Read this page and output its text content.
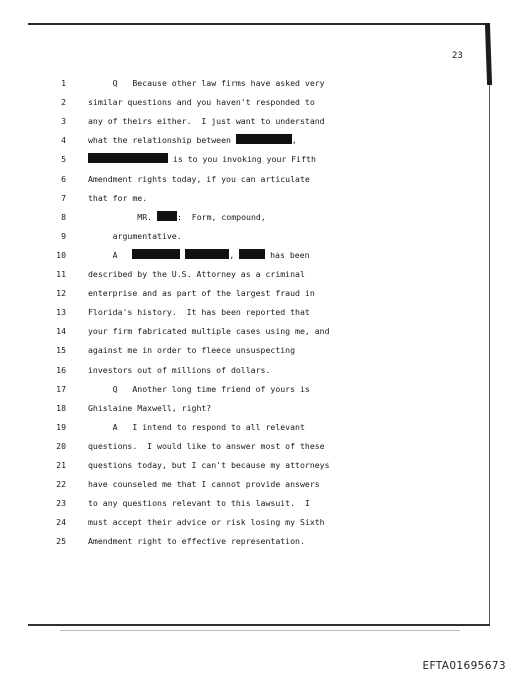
23
1	Q   Because other law firms have asked very
2	similar questions and you haven't responded to
3	any of theirs either.  I just want to understand
4	what the relationship between	,
5	is to you invoking your Fifth
6	Amendment rights today, if you can articulate
7	that for me.
8	MR. :  Form, compound,
9	argumentative.
10	A	,	has been
11	described by the U.S. Attorney as a criminal
12	enterprise and as part of the largest fraud in
13	Florida's history.  It has been reported that
14	your firm fabricated multiple cases using me, and
15	against me in order to fleece unsuspecting
16	investors out of millions of dollars.
17	Q   Another long time friend of yours is
18	Ghislaine Maxwell, right?
19	A   I intend to respond to all relevant
20	questions.  I would like to answer most of these
21	questions today, but I can't because my attorneys
22	have counseled me that I cannot provide answers
23	to any questions relevant to this lawsuit.  I
24	must accept their advice or risk losing my Sixth
25	Amendment right to effective representation.
EFTA01695673
